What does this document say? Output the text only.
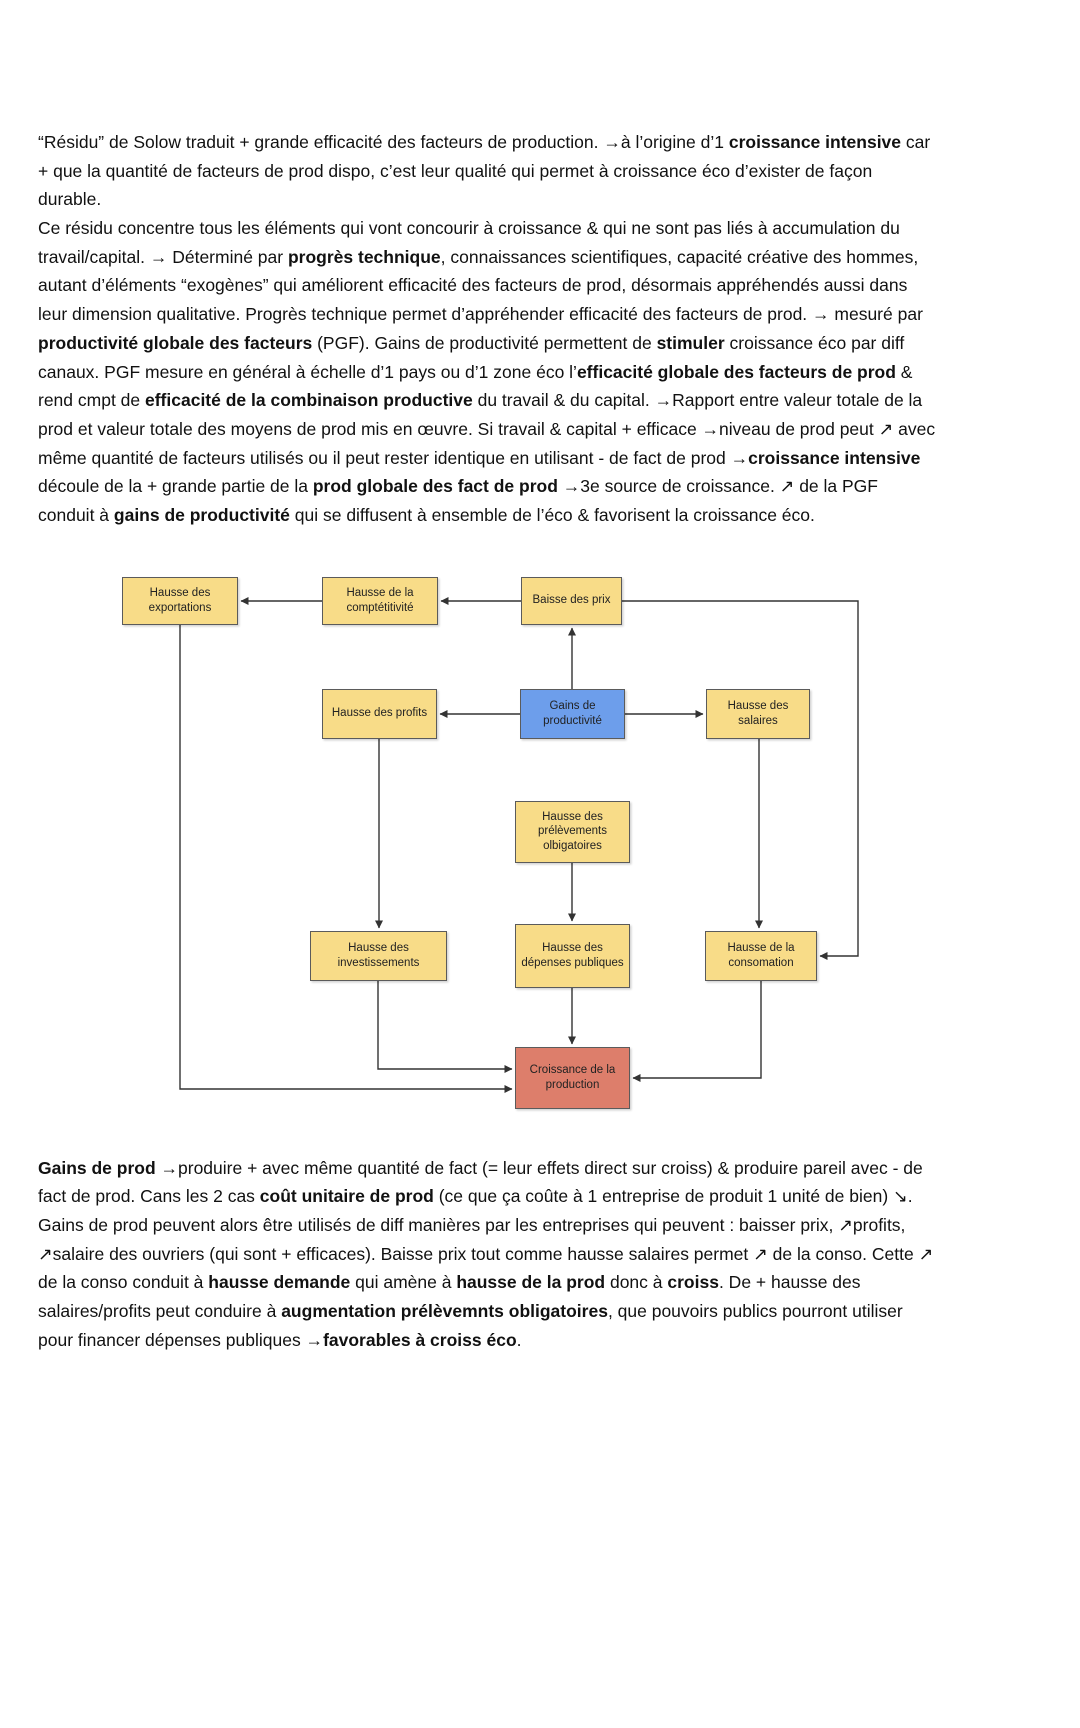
“Résidu” de Solow traduit + grande efficacité des facteurs de production. →à l’origine d’1 croissance intensive car + que la quantité de facteurs de prod dispo, c’est leur qualité qui permet à croissance éco d’exister de façon durable.

Ce résidu concentre tous les éléments qui vont concourir à croissance & qui ne sont pas liés à accumulation du travail/capital. → Déterminé par progrès technique, connaissances scientifiques, capacité créative des hommes, autant d’éléments “exogènes” qui améliorent efficacité des facteurs de prod, désormais appréhendés aussi dans leur dimension qualitative. Progrès technique permet d’appréhender efficacité des facteurs de prod. → mesuré par productivité globale des facteurs (PGF). Gains de productivité permettent de stimuler croissance éco par diff canaux. PGF mesure en général à échelle d’1 pays ou d’1 zone éco l’efficacité globale des facteurs de prod & rend cmpt de efficacité de la combinaison productive du travail & du capital. →Rapport entre valeur totale de la prod et valeur totale des moyens de prod mis en œuvre. Si travail & capital + efficace →niveau de prod peut ↗ avec même quantité de facteurs utilisés ou il peut rester identique en utilisant - de fact de prod →croissance intensive découle de la + grande partie de la prod globale des fact de prod →3e source de croissance. ↗ de la PGF conduit à gains de productivité qui se diffusent à ensemble de l’éco & favorisent la croissance éco.

Hausse des exportations
Hausse de la comptétitivité
Baisse des prix
Hausse des profits
Gains de productivité
Hausse des salaires
Hausse des prélèvements olbigatoires
Hausse des investissements
Hausse des dépenses publiques
Hausse de la consomation
Croissance de la production

Gains de prod →produire + avec même quantité de fact (= leur effets direct sur croiss) & produire pareil avec - de fact de prod. Cans les 2 cas coût unitaire de prod (ce que ça coûte à 1 entreprise de produit 1 unité de bien) ↘. Gains de prod peuvent alors être utilisés de diff manières par les entreprises qui peuvent : baisser prix, ↗profits, ↗salaire des ouvriers (qui sont + efficaces). Baisse prix tout comme hausse salaires permet ↗ de la conso. Cette ↗ de la conso conduit à hausse demande qui amène à hausse de la prod donc à croiss. De + hausse des salaires/profits peut conduire à augmentation prélèvemnts obligatoires, que pouvoirs publics pourront utiliser pour financer dépenses publiques →favorables à croiss éco.
